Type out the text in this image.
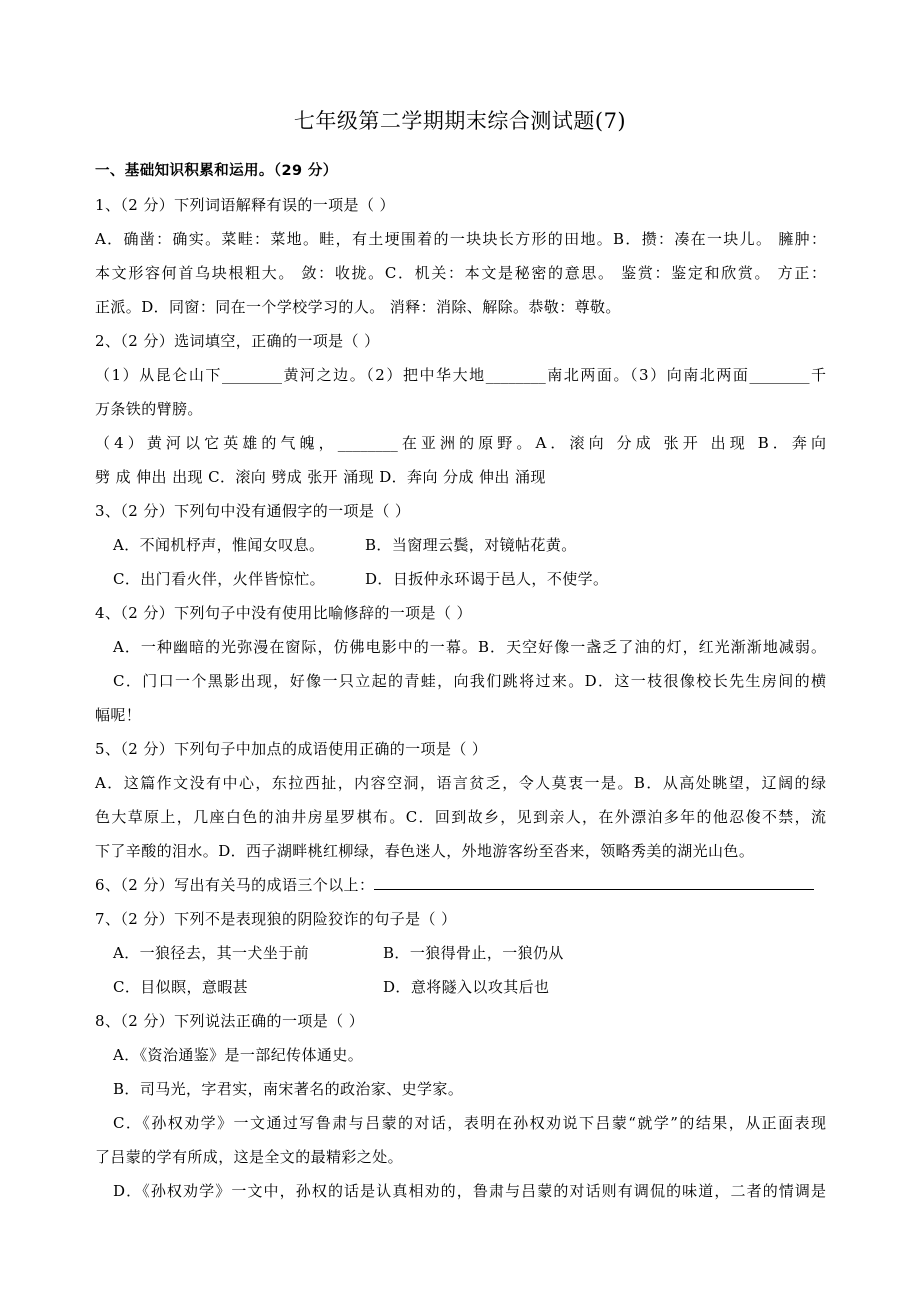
七年级第二学期期末综合测试题(7)
一、基础知识积累和运用。（29 分）
1、（2 分）下列词语解释有误的一项是（ ）
A．确凿：确实。菜畦：菜地。畦，有土埂围着的一块块长方形的田地。B．攒：凑在一块儿。 臃肿：
本文形容何首乌块根粗大。 敛：收拢。C．机关：本文是秘密的意思。 鉴赏：鉴定和欣赏。 方正：
正派。D．同窗：同在一个学校学习的人。 消释：消除、解除。恭敬：尊敬。
2、（2 分）选词填空，正确的一项是（ ）
（1）从昆仑山下________黄河之边。（2）把中华大地________南北两面。（3）向南北两面________千
万条铁的臂膀。
（4）黄河以它英雄的气魄，________在亚洲的原野。A．滚向 分成 张开 出现 B．奔向
劈 成 伸出 出现 C．滚向 劈成 张开 涌现 D．奔向 分成 伸出 涌现
3、（2 分）下列句中没有通假字的一项是（ ）
A．不闻机杼声，惟闻女叹息。	B．当窗理云鬓，对镜帖花黄。
C．出门看火伴，火伴皆惊忙。	D．日扳仲永环谒于邑人，不使学。
4、（2 分）下列句子中没有使用比喻修辞的一项是（ ）
A．一种幽暗的光弥漫在窗际，仿佛电影中的一幕。B．天空好像一盏乏了油的灯，红光渐渐地减弱。
C．门口一个黑影出现，好像一只立起的青蛙，向我们跳将过来。D．这一枝很像校长先生房间的横
幅呢！
5、（2 分）下列句子中加点的成语使用正确的一项是（ ）
A．这篇作文没有中心，东拉西扯，内容空洞，语言贫乏，令人莫衷一是。B．从高处眺望，辽阔的绿
色大草原上，几座白色的油井房星罗棋布。C．回到故乡，见到亲人，在外漂泊多年的他忍俊不禁，流
下了辛酸的泪水。D．西子湖畔桃红柳绿，春色迷人，外地游客纷至沓来，领略秀美的湖光山色。
6、（2 分）写出有关马的成语三个以上：
7、（2 分）下列不是表现狼的阴险狡诈的句子是（ ）
A．一狼径去，其一犬坐于前	B．一狼得骨止，一狼仍从
C．目似瞑，意暇甚	D．意将隧入以攻其后也
8、（2 分）下列说法正确的一项是（ ）
A．《资治通鉴》是一部纪传体通史。
B．司马光，字君实，南宋著名的政治家、史学家。
C．《孙权劝学》一文通过写鲁肃与吕蒙的对话，表明在孙权劝说下吕蒙“就学”的结果，从正面表现
了吕蒙的学有所成，这是全文的最精彩之处。
D．《孙权劝学》一文中，孙权的话是认真相劝的，鲁肃与吕蒙的对话则有调侃的味道，二者的情调是
